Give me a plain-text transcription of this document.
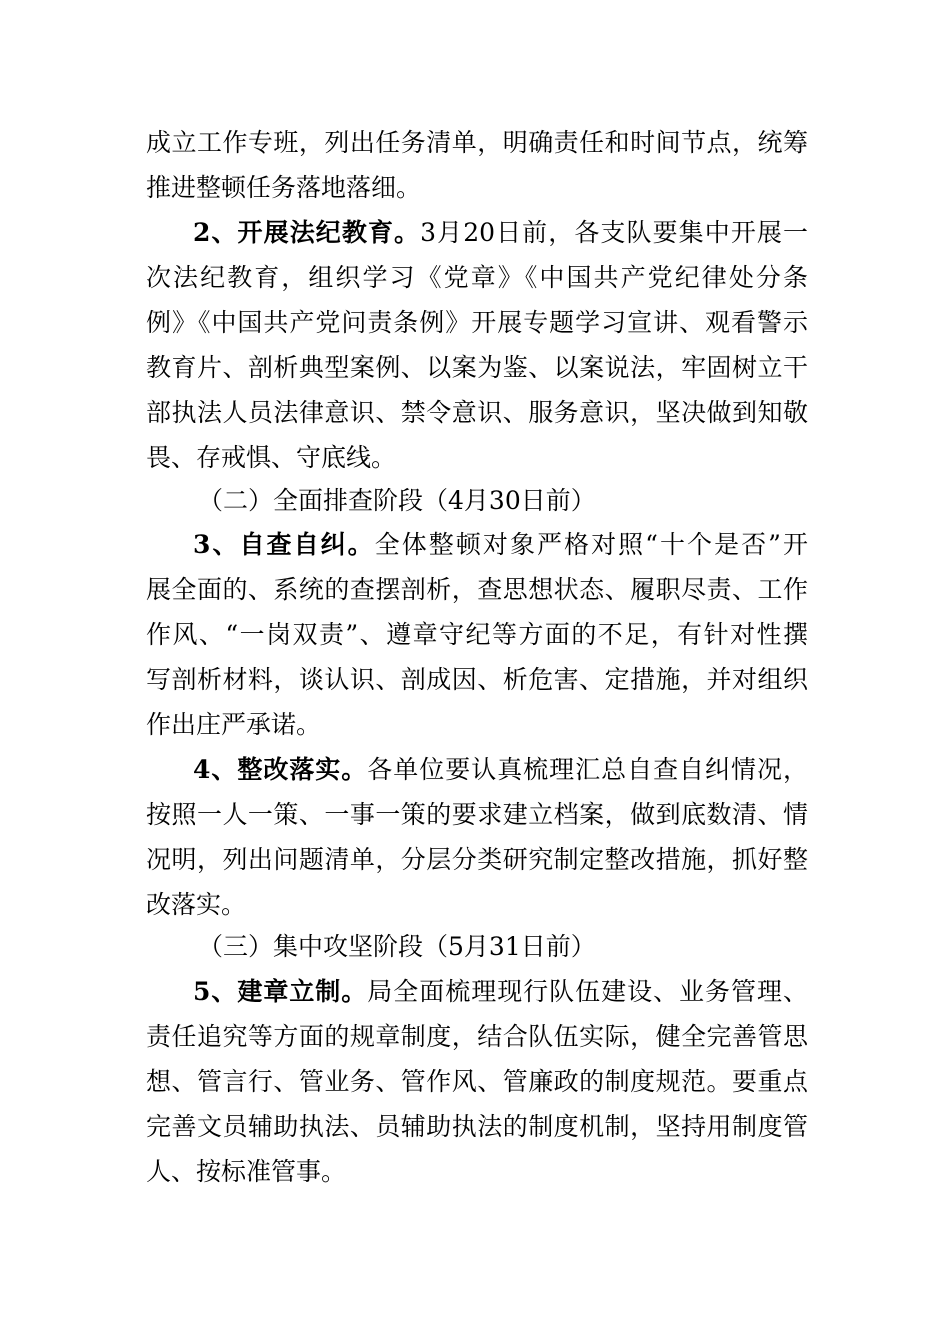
成立工作专班，列出任务清单，明确责任和时间节点，统筹
推进整顿任务落地落细。
2、开展法纪教育。3月20日前，各支队要集中开展一
次法纪教育，组织学习《党章》《中国共产党纪律处分条
例》《中国共产党问责条例》开展专题学习宣讲、观看警示
教育片、剖析典型案例、以案为鉴、以案说法，牢固树立干
部执法人员法律意识、禁令意识、服务意识，坚决做到知敬
畏、存戒惧、守底线。
（二）全面排查阶段（4月30日前）
3、自查自纠。全体整顿对象严格对照“十个是否”开
展全面的、系统的查摆剖析，查思想状态、履职尽责、工作
作风、“一岗双责”、遵章守纪等方面的不足，有针对性撰
写剖析材料，谈认识、剖成因、析危害、定措施，并对组织
作出庄严承诺。
4、整改落实。各单位要认真梳理汇总自查自纠情况，
按照一人一策、一事一策的要求建立档案，做到底数清、情
况明，列出问题清单，分层分类研究制定整改措施，抓好整
改落实。
（三）集中攻坚阶段（5月31日前）
5、建章立制。局全面梳理现行队伍建设、业务管理、
责任追究等方面的规章制度，结合队伍实际，健全完善管思
想、管言行、管业务、管作风、管廉政的制度规范。要重点
完善文员辅助执法、员辅助执法的制度机制，坚持用制度管
人、按标准管事。
